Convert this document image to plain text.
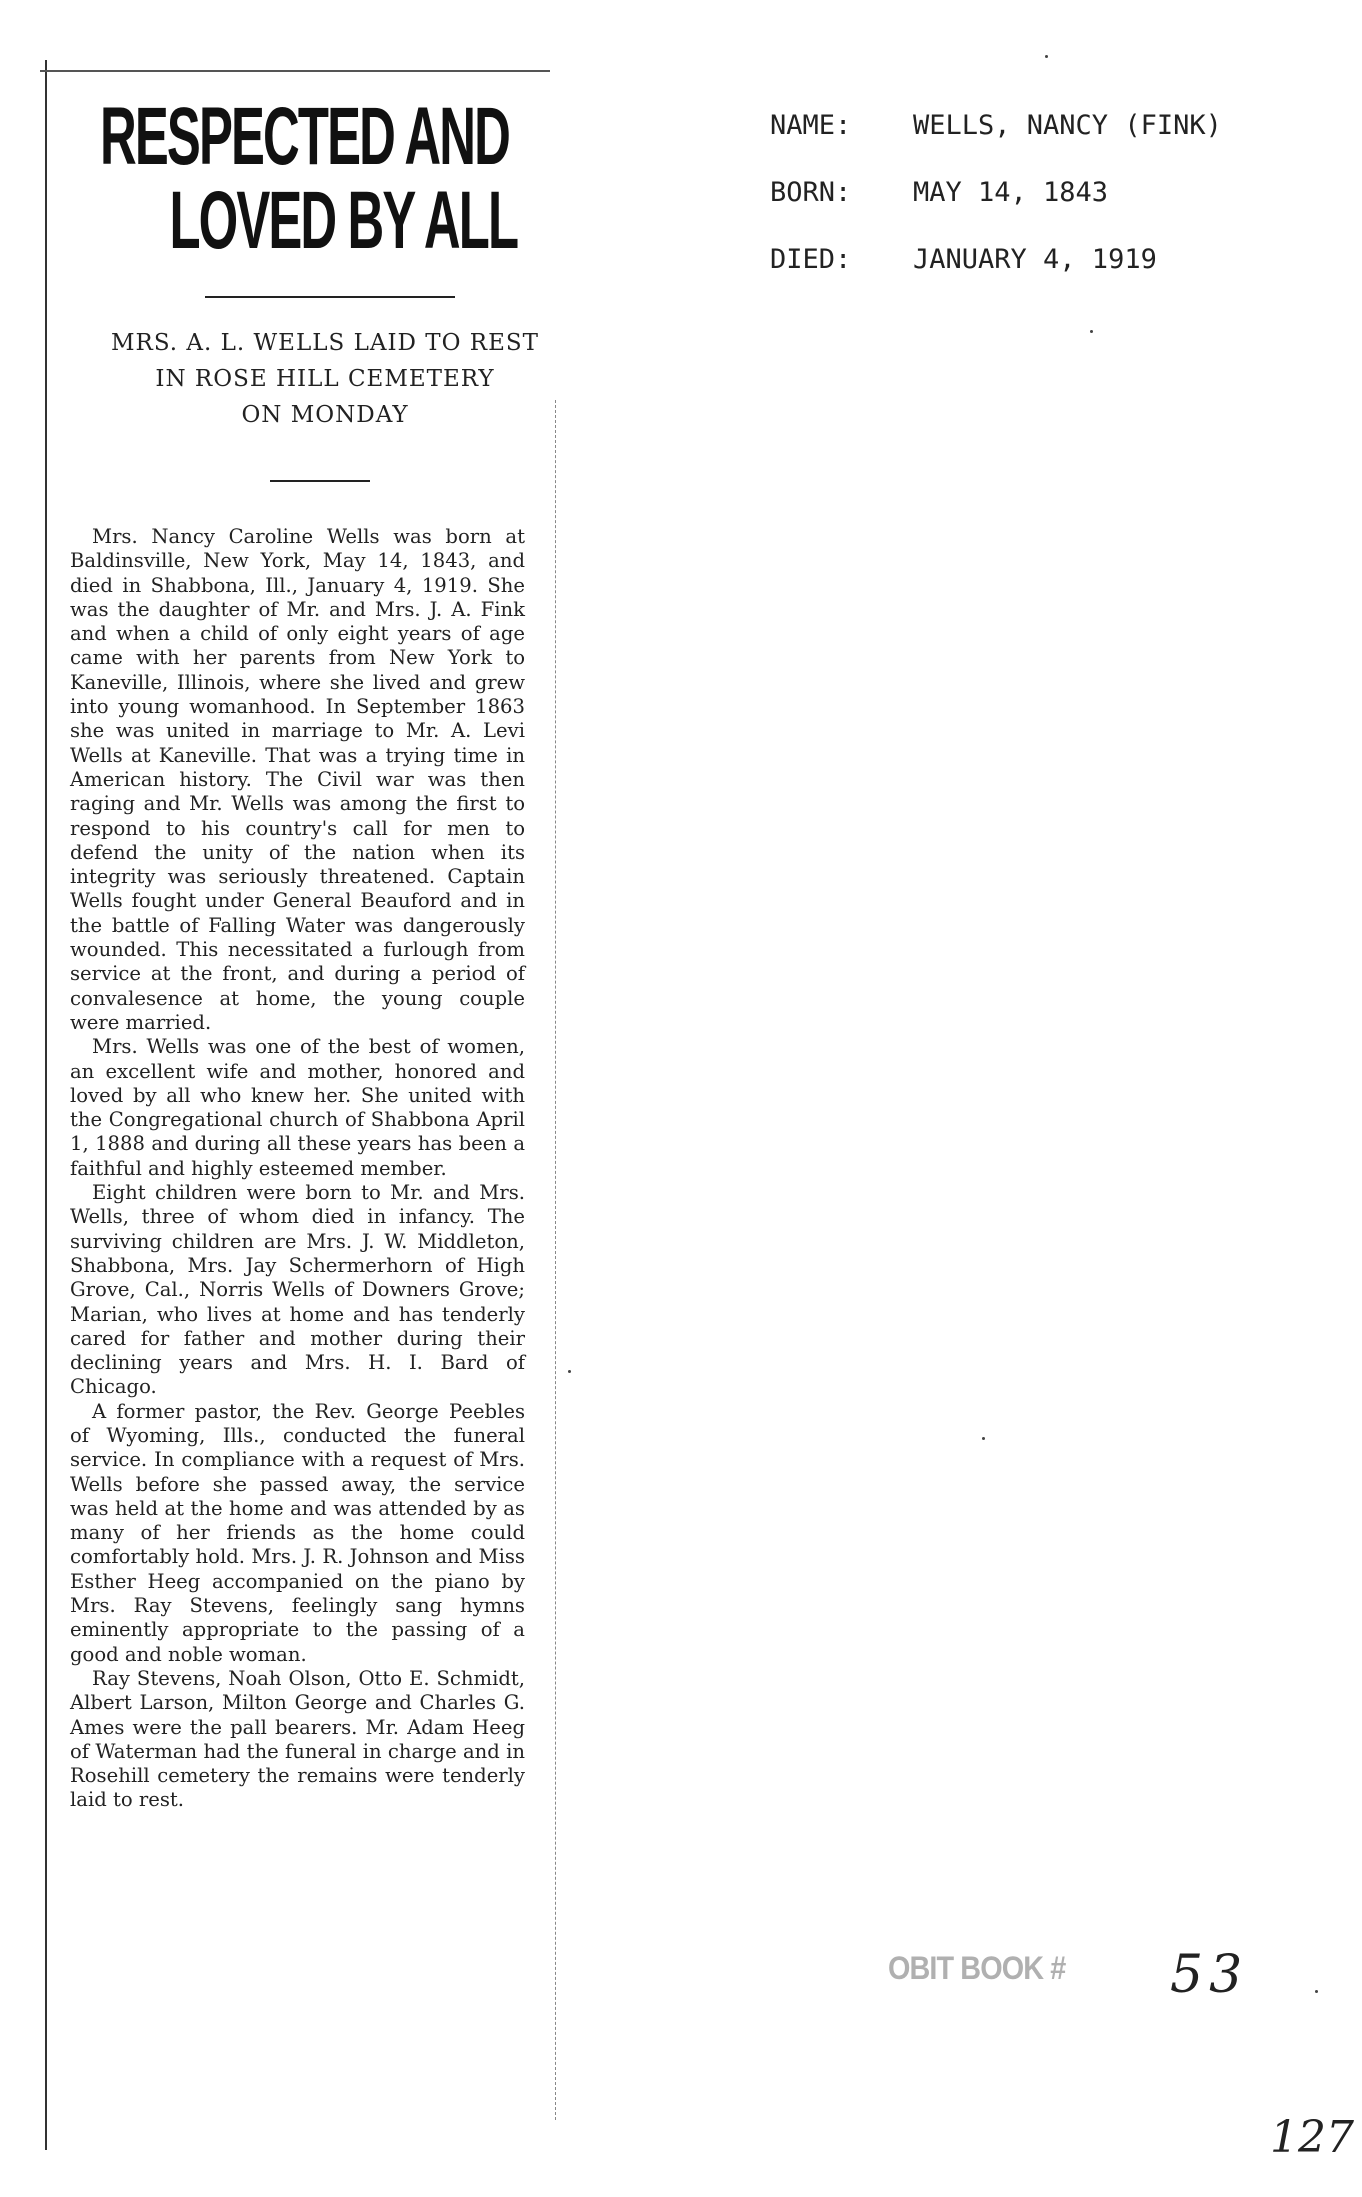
RESPECTED AND
LOVED BY ALL
MRS. A. L. WELLS LAID TO REST
IN ROSE HILL CEMETERY
ON MONDAY

Mrs. Nancy Caroline Wells was born at Baldinsville, New York, May 14, 1843, and died in Shabbona, Ill., January 4, 1919. She was the daughter of Mr. and Mrs. J. A. Fink and when a child of only eight years of age came with her parents from New York to Kaneville, Illinois, where she lived and grew into young womanhood. In September 1863 she was united in marriage to Mr. A. Levi Wells at Kaneville. That was a trying time in American history. The Civil war was then raging and Mr. Wells was among the first to respond to his country's call for men to defend the unity of the nation when its integrity was seriously threatened. Captain Wells fought under General Beauford and in the battle of Falling Water was dangerously wounded. This necessitated a furlough from service at the front, and during a period of convalesence at home, the young couple were married.

Mrs. Wells was one of the best of women, an excellent wife and mother, honored and loved by all who knew her. She united with the Congregational church of Shabbona April 1, 1888 and during all these years has been a faithful and highly esteemed member.

Eight children were born to Mr. and Mrs. Wells, three of whom died in infancy. The surviving children are Mrs. J. W. Middleton, Shabbona, Mrs. Jay Schermerhorn of High Grove, Cal., Norris Wells of Downers Grove; Marian, who lives at home and has tenderly cared for father and mother during their declining years and Mrs. H. I. Bard of Chicago.

A former pastor, the Rev. George Peebles of Wyoming, Ills., conducted the funeral service. In compliance with a request of Mrs. Wells before she passed away, the service was held at the home and was attended by as many of her friends as the home could comfortably hold. Mrs. J. R. Johnson and Miss Esther Heeg accompanied on the piano by Mrs. Ray Stevens, feelingly sang hymns eminently appropriate to the passing of a good and noble woman.

Ray Stevens, Noah Olson, Otto E. Schmidt, Albert Larson, Milton George and Charles G. Ames were the pall bearers. Mr. Adam Heeg of Waterman had the funeral in charge and in Rosehill cemetery the remains were tenderly laid to rest.

NAME: WELLS, NANCY (FINK)
BORN: MAY 14, 1843
DIED: JANUARY 4, 1919
OBIT BOOK # 53
127
